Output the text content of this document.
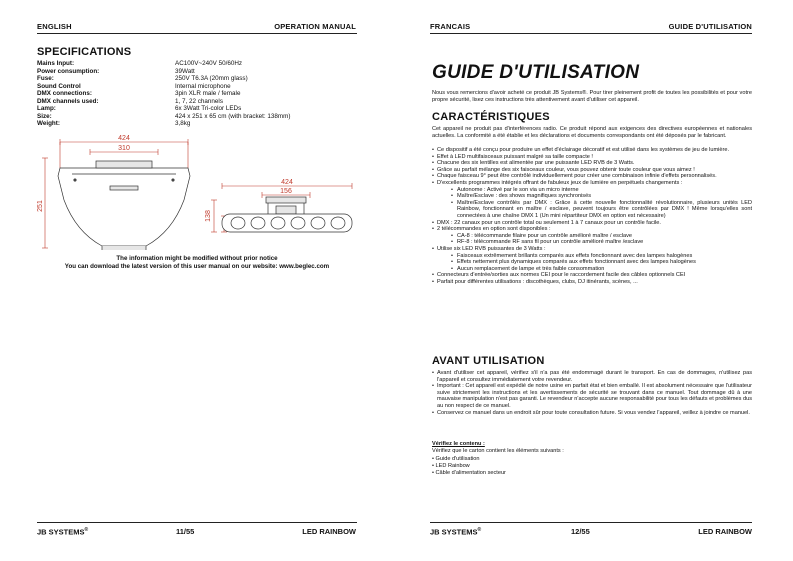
ENGLISH	OPERATION MANUAL
SPECIFICATIONS
Mains Input:	AC100V~240V 50/60Hz
Power consumption:	39Watt
Fuse:	250V T6.3A (20mm glass)
Sound Control	Internal microphone
DMX connections:	3pin XLR male / female
DMX channels used:	1, 7, 22 channels
Lamp:	6x 3Watt Tri-color LEDs
Size:	424 x 251 x 65 cm (with bracket: 138mm)
Weight:	3,8kg
424
310
251
424
156
138
The information might be modified without prior notice
You can download the latest version of this user manual on our website: www.beglec.com
JB SYSTEMS®	11/55	LED RAINBOW
FRANCAIS	GUIDE D'UTILISATION
GUIDE D'UTILISATION
Nous vous remercions d'avoir acheté ce produit JB Systems®. Pour tirer pleinement profit de toutes les possibilités et pour votre propre sécurité, lisez ces instructions très attentivement avant d'utiliser cet appareil.
CARACTÉRISTIQUES
Cet appareil ne produit pas d'interférences radio. Ce produit répond aux exigences des directives européennes et nationales actuelles. La conformité a été établie et les déclarations et documents correspondants ont été déposés par le fabricant.
• Ce dispositif a été conçu pour produire un effet d'éclairage décoratif et est utilisé dans les systèmes de jeu de lumière.
• Effet à LED multifaisceaux puissant malgré sa taille compacte !
• Chacune des six lentilles est alimentée par une puissante LED RVB de 3 Watts.
• Grâce au parfait mélange des six faisceaux couleur, vous pouvez obtenir toute couleur que vous aimez !
• Chaque faisceau 9° peut être contrôlé individuellement pour créer une combinaison infinie d'effets personnalisés.
• D'excellents programmes intégrés offrant de fabuleux jeux de lumière en perpétuels changements :
• Autonome : Activé par le son via un micro interne
• Maître/Esclave : des shows magnifiques synchronisés
• Maître/Esclave contrôlés par DMX : Grâce à cette nouvelle fonctionnalité révolutionnaire, plusieurs unités LED Rainbow, fonctionnant en maître / esclave, peuvent toujours être contrôlées par DMX ! Même lorsqu'elles sont connectées à une chaîne DMX 1 (Un mini répartiteur DMX en option est nécessaire)
• DMX : 22 canaux pour un contrôle total ou seulement 1 à 7 canaux pour un contrôle facile.
• 2 télécommandes en option sont disponibles :
• CA-8 : télécommande filaire pour un contrôle amélioré maître / esclave
• RF-8 : télécommande RF sans fil pour un contrôle amélioré maître /esclave
• Utilise six LED RVB puissantes de 3 Watts :
• Faisceaux extrêmement brillants comparés aux effets fonctionnant avec des lampes halogènes
• Effets nettement plus dynamiques comparés aux effets fonctionnant avec des lampes halogènes
• Aucun remplacement de lampe et très faible consommation
• Connecteurs d'entrée/sorties aux normes CEI pour le raccordement facile des câbles optionnels CEI
• Parfait pour différentes utilisations : discothèques, clubs, DJ itinérants, scènes, ...
AVANT UTILISATION
• Avant d'utiliser cet appareil, vérifiez s'il n'a pas été endommagé durant le transport. En cas de dommages, n'utilisez pas l'appareil et consultez immédiatement votre revendeur.
• Important : Cet appareil est expédié de notre usine en parfait état et bien emballé. Il est absolument nécessaire que l'utilisateur suive strictement les instructions et les avertissements de sécurité se trouvant dans ce manuel. Tout dommage dû à une mauvaise manipulation n'est pas garanti. Le revendeur n'accepte aucune responsabilité pour tous les défauts et problèmes dus au non respect de ce manuel.
• Conservez ce manuel dans un endroit sûr pour toute consultation future. Si vous vendez l'appareil, veillez à joindre ce manuel.
Vérifiez le contenu :
Vérifiez que le carton contient les éléments suivants :
• Guide d'utilisation
• LED Rainbow
• Câble d'alimentation secteur
JB SYSTEMS®	12/55	LED RAINBOW
